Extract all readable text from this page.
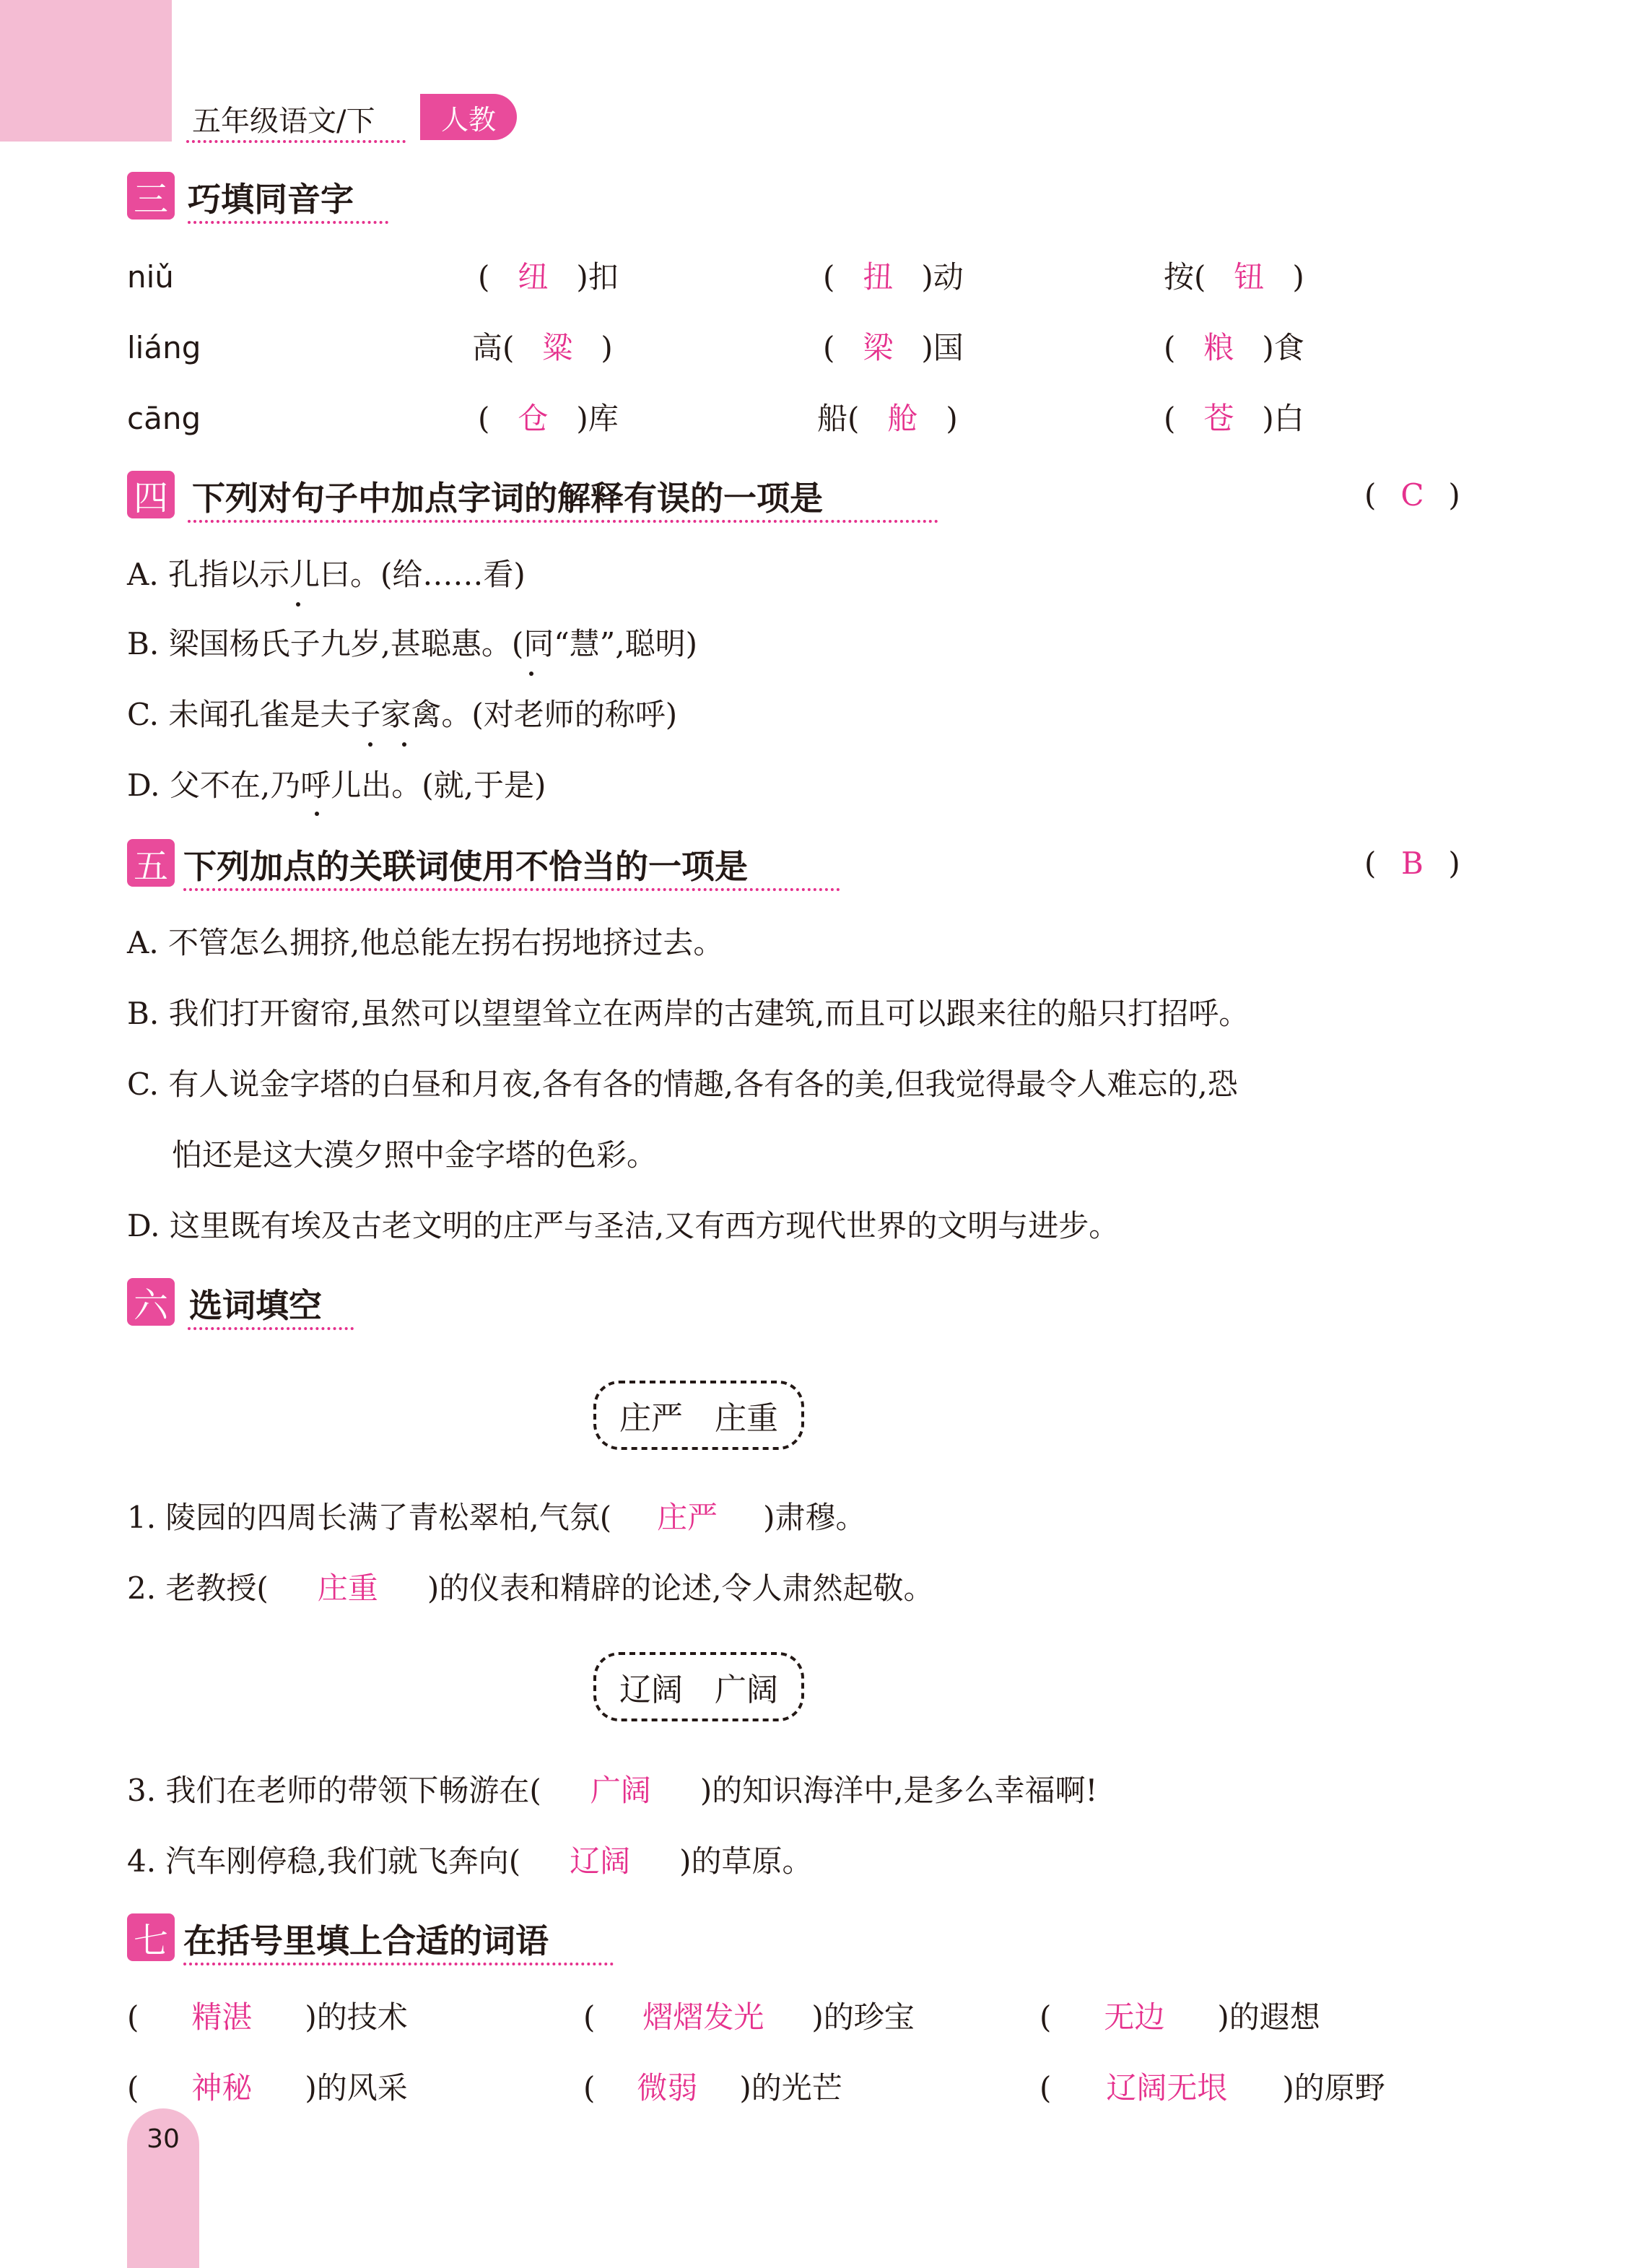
五年级语文/下	人教
三 巧填同音字
niǔ	( 纽 )扣	( 扭 )动	按( 钮 )
liáng	高( 粱 )	( 梁 )国	( 粮 )食
cāng	( 仓 )库	船( 舱 )	( 苍 )白
四 下列对句子中加点字词的解释有误的一项是	( C )
A. 孔指以示儿曰。(给……看)
B. 梁国杨氏子九岁,甚聪惠。(同“慧”,聪明)
C. 未闻孔雀是夫子家禽。(对老师的称呼)
D. 父不在,乃呼儿出。(就,于是)
五 下列加点的关联词使用不恰当的一项是	( B )
A. 不管怎么拥挤,他总能左拐右拐地挤过去。
B. 我们打开窗帘,虽然可以望望耸立在两岸的古建筑,而且可以跟来往的船只打招呼。
C. 有人说金字塔的白昼和月夜,各有各的情趣,各有各的美,但我觉得最令人难忘的,恐
怕还是这大漠夕照中金字塔的色彩。
D. 这里既有埃及古老文明的庄严与圣洁,又有西方现代世界的文明与进步。
六 选词填空
庄严　庄重
1. 陵园的四周长满了青松翠柏,气氛( 庄严 )肃穆。
2. 老教授( 庄重 )的仪表和精辟的论述,令人肃然起敬。
辽阔　广阔
3. 我们在老师的带领下畅游在( 广阔 )的知识海洋中,是多么幸福啊!
4. 汽车刚停稳,我们就飞奔向( 辽阔 )的草原。
七 在括号里填上合适的词语
( 精湛 )的技术	( 熠熠发光 )的珍宝	( 无边 )的遐想
( 神秘 )的风采	( 微弱 )的光芒	( 辽阔无垠 )的原野
30
